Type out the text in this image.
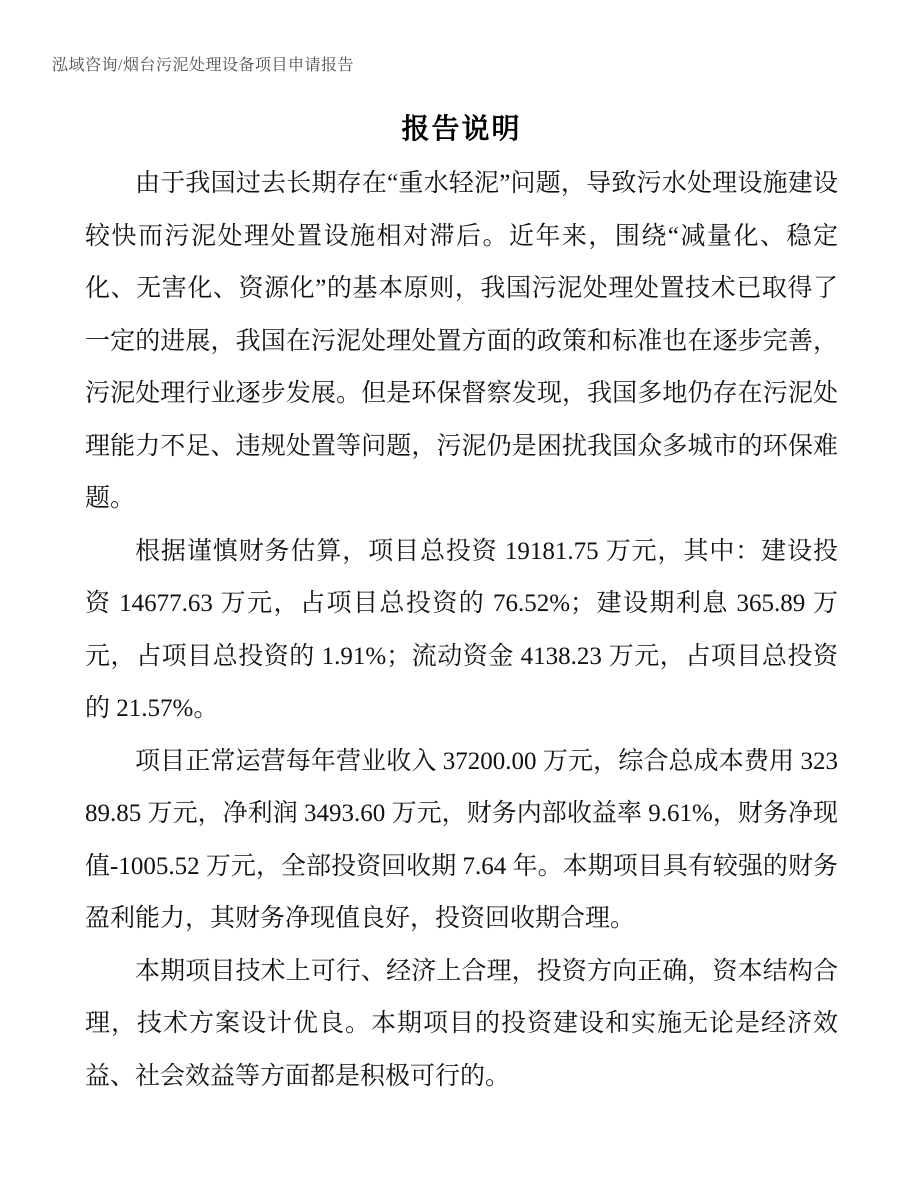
泓域咨询/烟台污泥处理设备项目申请报告
报告说明

由于我国过去长期存在“重水轻泥”问题，导致污水处理设施建设较快而污泥处理处置设施相对滞后。近年来，围绕“减量化、稳定化、无害化、资源化”的基本原则，我国污泥处理处置技术已取得了一定的进展，我国在污泥处理处置方面的政策和标准也在逐步完善，污泥处理行业逐步发展。但是环保督察发现，我国多地仍存在污泥处理能力不足、违规处置等问题，污泥仍是困扰我国众多城市的环保难题。

根据谨慎财务估算，项目总投资 19181.75 万元，其中：建设投资 14677.63 万元，占项目总投资的 76.52%；建设期利息 365.89 万元，占项目总投资的 1.91%；流动资金 4138.23 万元，占项目总投资的 21.57%。

项目正常运营每年营业收入 37200.00 万元，综合总成本费用 32389.85 万元，净利润 3493.60 万元，财务内部收益率 9.61%，财务净现值-1005.52 万元，全部投资回收期 7.64 年。本期项目具有较强的财务盈利能力，其财务净现值良好，投资回收期合理。

本期项目技术上可行、经济上合理，投资方向正确，资本结构合理，技术方案设计优良。本期项目的投资建设和实施无论是经济效益、社会效益等方面都是积极可行的。
